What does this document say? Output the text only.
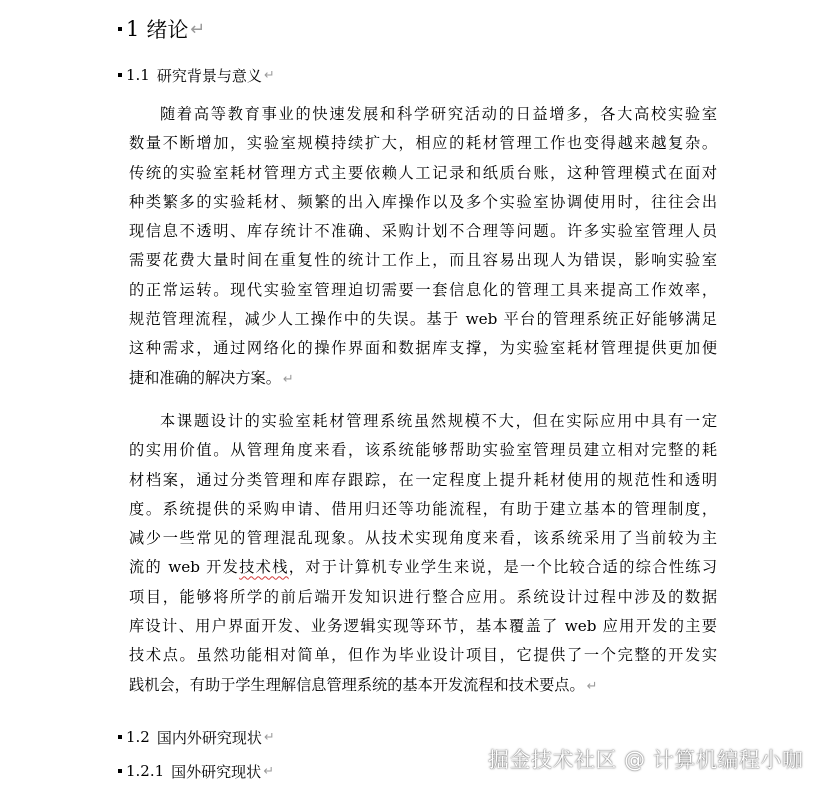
1 绪论 ↵
1.1 研究背景与意义 ↵
随着高等教育事业的快速发展和科学研究活动的日益增多，各大高校实验室
数量不断增加，实验室规模持续扩大，相应的耗材管理工作也变得越来越复杂。
传统的实验室耗材管理方式主要依赖人工记录和纸质台账，这种管理模式在面对
种类繁多的实验耗材、频繁的出入库操作以及多个实验室协调使用时，往往会出
现信息不透明、库存统计不准确、采购计划不合理等问题。许多实验室管理人员
需要花费大量时间在重复性的统计工作上，而且容易出现人为错误，影响实验室
的正常运转。现代实验室管理迫切需要一套信息化的管理工具来提高工作效率，
规范管理流程，减少人工操作中的失误。基于 web 平台的管理系统正好能够满足
这种需求，通过网络化的操作界面和数据库支撑，为实验室耗材管理提供更加便
捷和准确的解决方案。 ↵
本课题设计的实验室耗材管理系统虽然规模不大，但在实际应用中具有一定
的实用价值。从管理角度来看，该系统能够帮助实验室管理员建立相对完整的耗
材档案，通过分类管理和库存跟踪，在一定程度上提升耗材使用的规范性和透明
度。系统提供的采购申请、借用归还等功能流程，有助于建立基本的管理制度，
减少一些常见的管理混乱现象。从技术实现角度来看，该系统采用了当前较为主
流的 web 开发技术栈，对于计算机专业学生来说，是一个比较合适的综合性练习
项目，能够将所学的前后端开发知识进行整合应用。系统设计过程中涉及的数据
库设计、用户界面开发、业务逻辑实现等环节，基本覆盖了 web 应用开发的主要
技术点。虽然功能相对简单，但作为毕业设计项目，它提供了一个完整的开发实
践机会，有助于学生理解信息管理系统的基本开发流程和技术要点。 ↵
1.2 国内外研究现状 ↵
1.2.1 国外研究现状 ↵	掘金技术社区 @ 计算机编程小咖
